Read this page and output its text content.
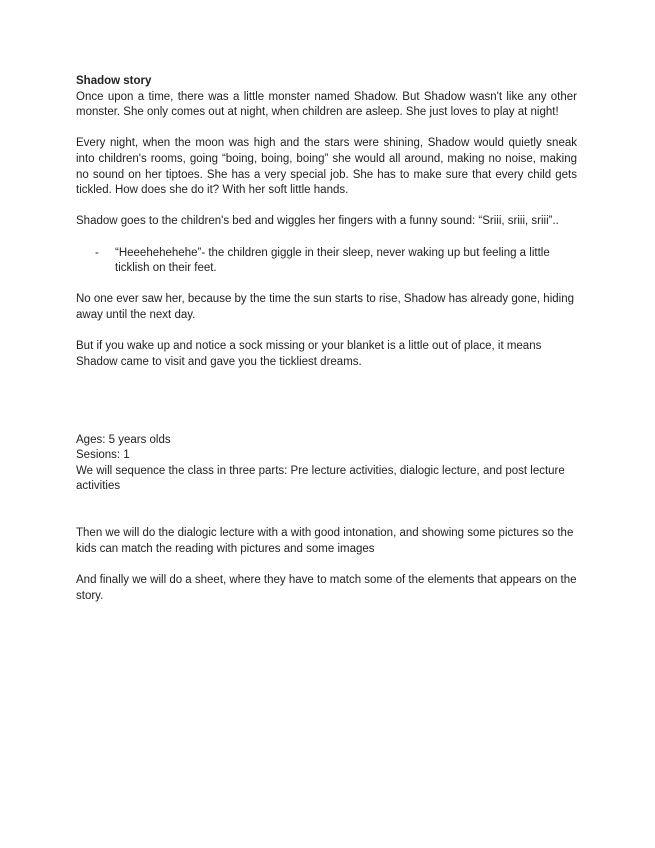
Shadow story

Once upon a time, there was a little monster named Shadow. But Shadow wasn't like any other monster. She only comes out at night, when children are asleep. She just loves to play at night!

Every night, when the moon was high and the stars were shining, Shadow would quietly sneak into children's rooms, going “boing, boing, boing” she would all around, making no noise, making no sound on her tiptoes. She has a very special job. She has to make sure that every child gets tickled. How does she do it? With her soft little hands.

Shadow goes to the children's bed and wiggles her fingers with a funny sound: “Sriii, sriii, sriii”..

- “Heeehehehehe”- the children giggle in their sleep, never waking up but feeling a little ticklish on their feet.

No one ever saw her, because by the time the sun starts to rise, Shadow has already gone, hiding away until the next day.

But if you wake up and notice a sock missing or your blanket is a little out of place, it means Shadow came to visit and gave you the tickliest dreams.

Ages: 5 years olds

Sesions: 1

We will sequence the class in three parts: Pre lecture activities, dialogic lecture, and post lecture activities

Then we will do the dialogic lecture with a with good intonation, and showing some pictures so the kids can match the reading with pictures and some images

And finally we will do a sheet, where they have to match some of the elements that appears on the story.
